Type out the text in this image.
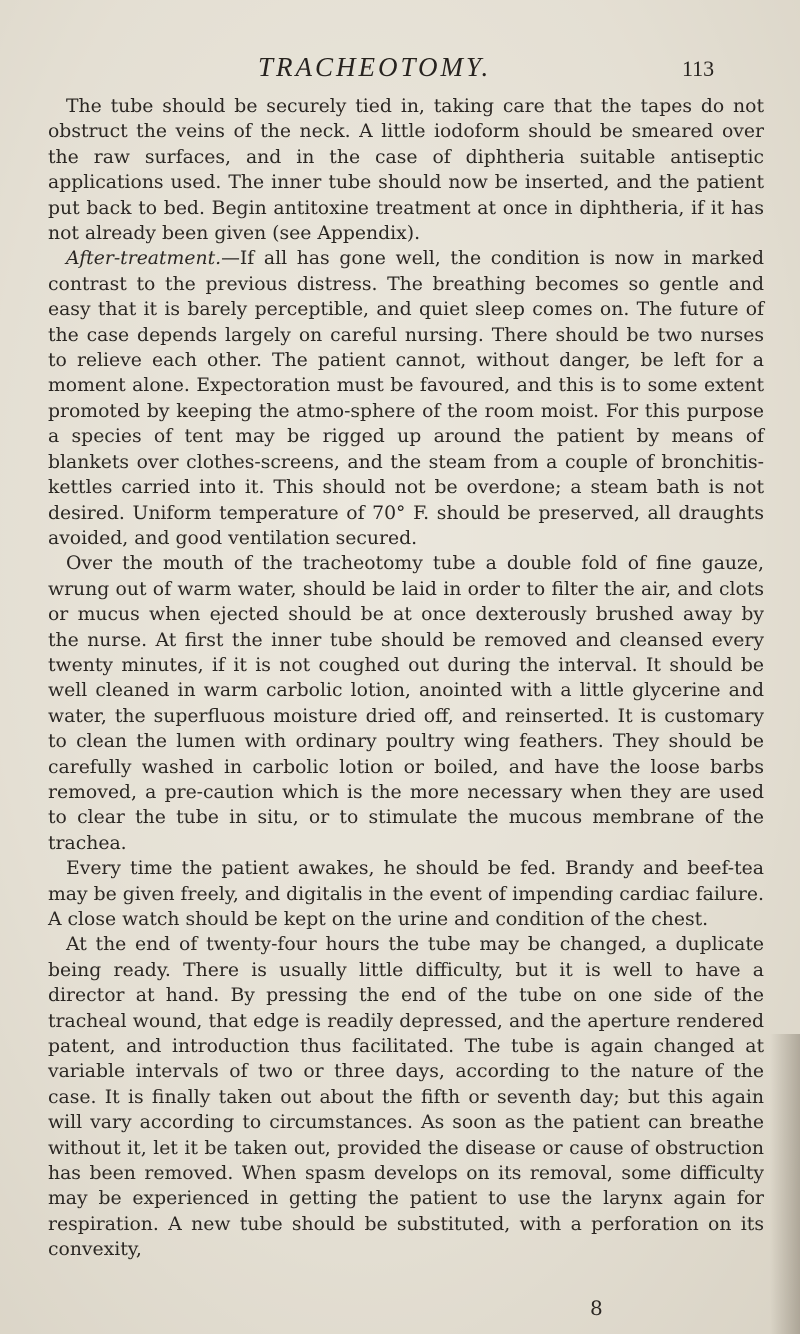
TRACHEOTOMY.	113

The tube should be securely tied in, taking care that the tapes do not obstruct the veins of the neck. A little iodoform should be smeared over the raw surfaces, and in the case of diphtheria suitable antiseptic applications used. The inner tube should now be inserted, and the patient put back to bed. Begin antitoxine treatment at once in diphtheria, if it has not already been given (see Appendix).

After-treatment.—If all has gone well, the condition is now in marked contrast to the previous distress. The breathing becomes so gentle and easy that it is barely perceptible, and quiet sleep comes on. The future of the case depends largely on careful nursing. There should be two nurses to relieve each other. The patient cannot, without danger, be left for a moment alone. Expectoration must be favoured, and this is to some extent promoted by keeping the atmo-sphere of the room moist. For this purpose a species of tent may be rigged up around the patient by means of blankets over clothes-screens, and the steam from a couple of bronchitis-kettles carried into it. This should not be overdone; a steam bath is not desired. Uniform temperature of 70° F. should be preserved, all draughts avoided, and good ventilation secured.

Over the mouth of the tracheotomy tube a double fold of fine gauze, wrung out of warm water, should be laid in order to filter the air, and clots or mucus when ejected should be at once dexterously brushed away by the nurse. At first the inner tube should be removed and cleansed every twenty minutes, if it is not coughed out during the interval. It should be well cleaned in warm carbolic lotion, anointed with a little glycerine and water, the superfluous moisture dried off, and reinserted. It is customary to clean the lumen with ordinary poultry wing feathers. They should be carefully washed in carbolic lotion or boiled, and have the loose barbs removed, a pre-caution which is the more necessary when they are used to clear the tube in situ, or to stimulate the mucous membrane of the trachea.

Every time the patient awakes, he should be fed. Brandy and beef-tea may be given freely, and digitalis in the event of impending cardiac failure. A close watch should be kept on the urine and condition of the chest.

At the end of twenty-four hours the tube may be changed, a duplicate being ready. There is usually little difficulty, but it is well to have a director at hand. By pressing the end of the tube on one side of the tracheal wound, that edge is readily depressed, and the aperture rendered patent, and introduction thus facilitated. The tube is again changed at variable intervals of two or three days, according to the nature of the case. It is finally taken out about the fifth or seventh day; but this again will vary according to circumstances. As soon as the patient can breathe without it, let it be taken out, provided the disease or cause of obstruction has been removed. When spasm develops on its removal, some difficulty may be experienced in getting the patient to use the larynx again for respiration. A new tube should be substituted, with a perforation on its convexity,

8
